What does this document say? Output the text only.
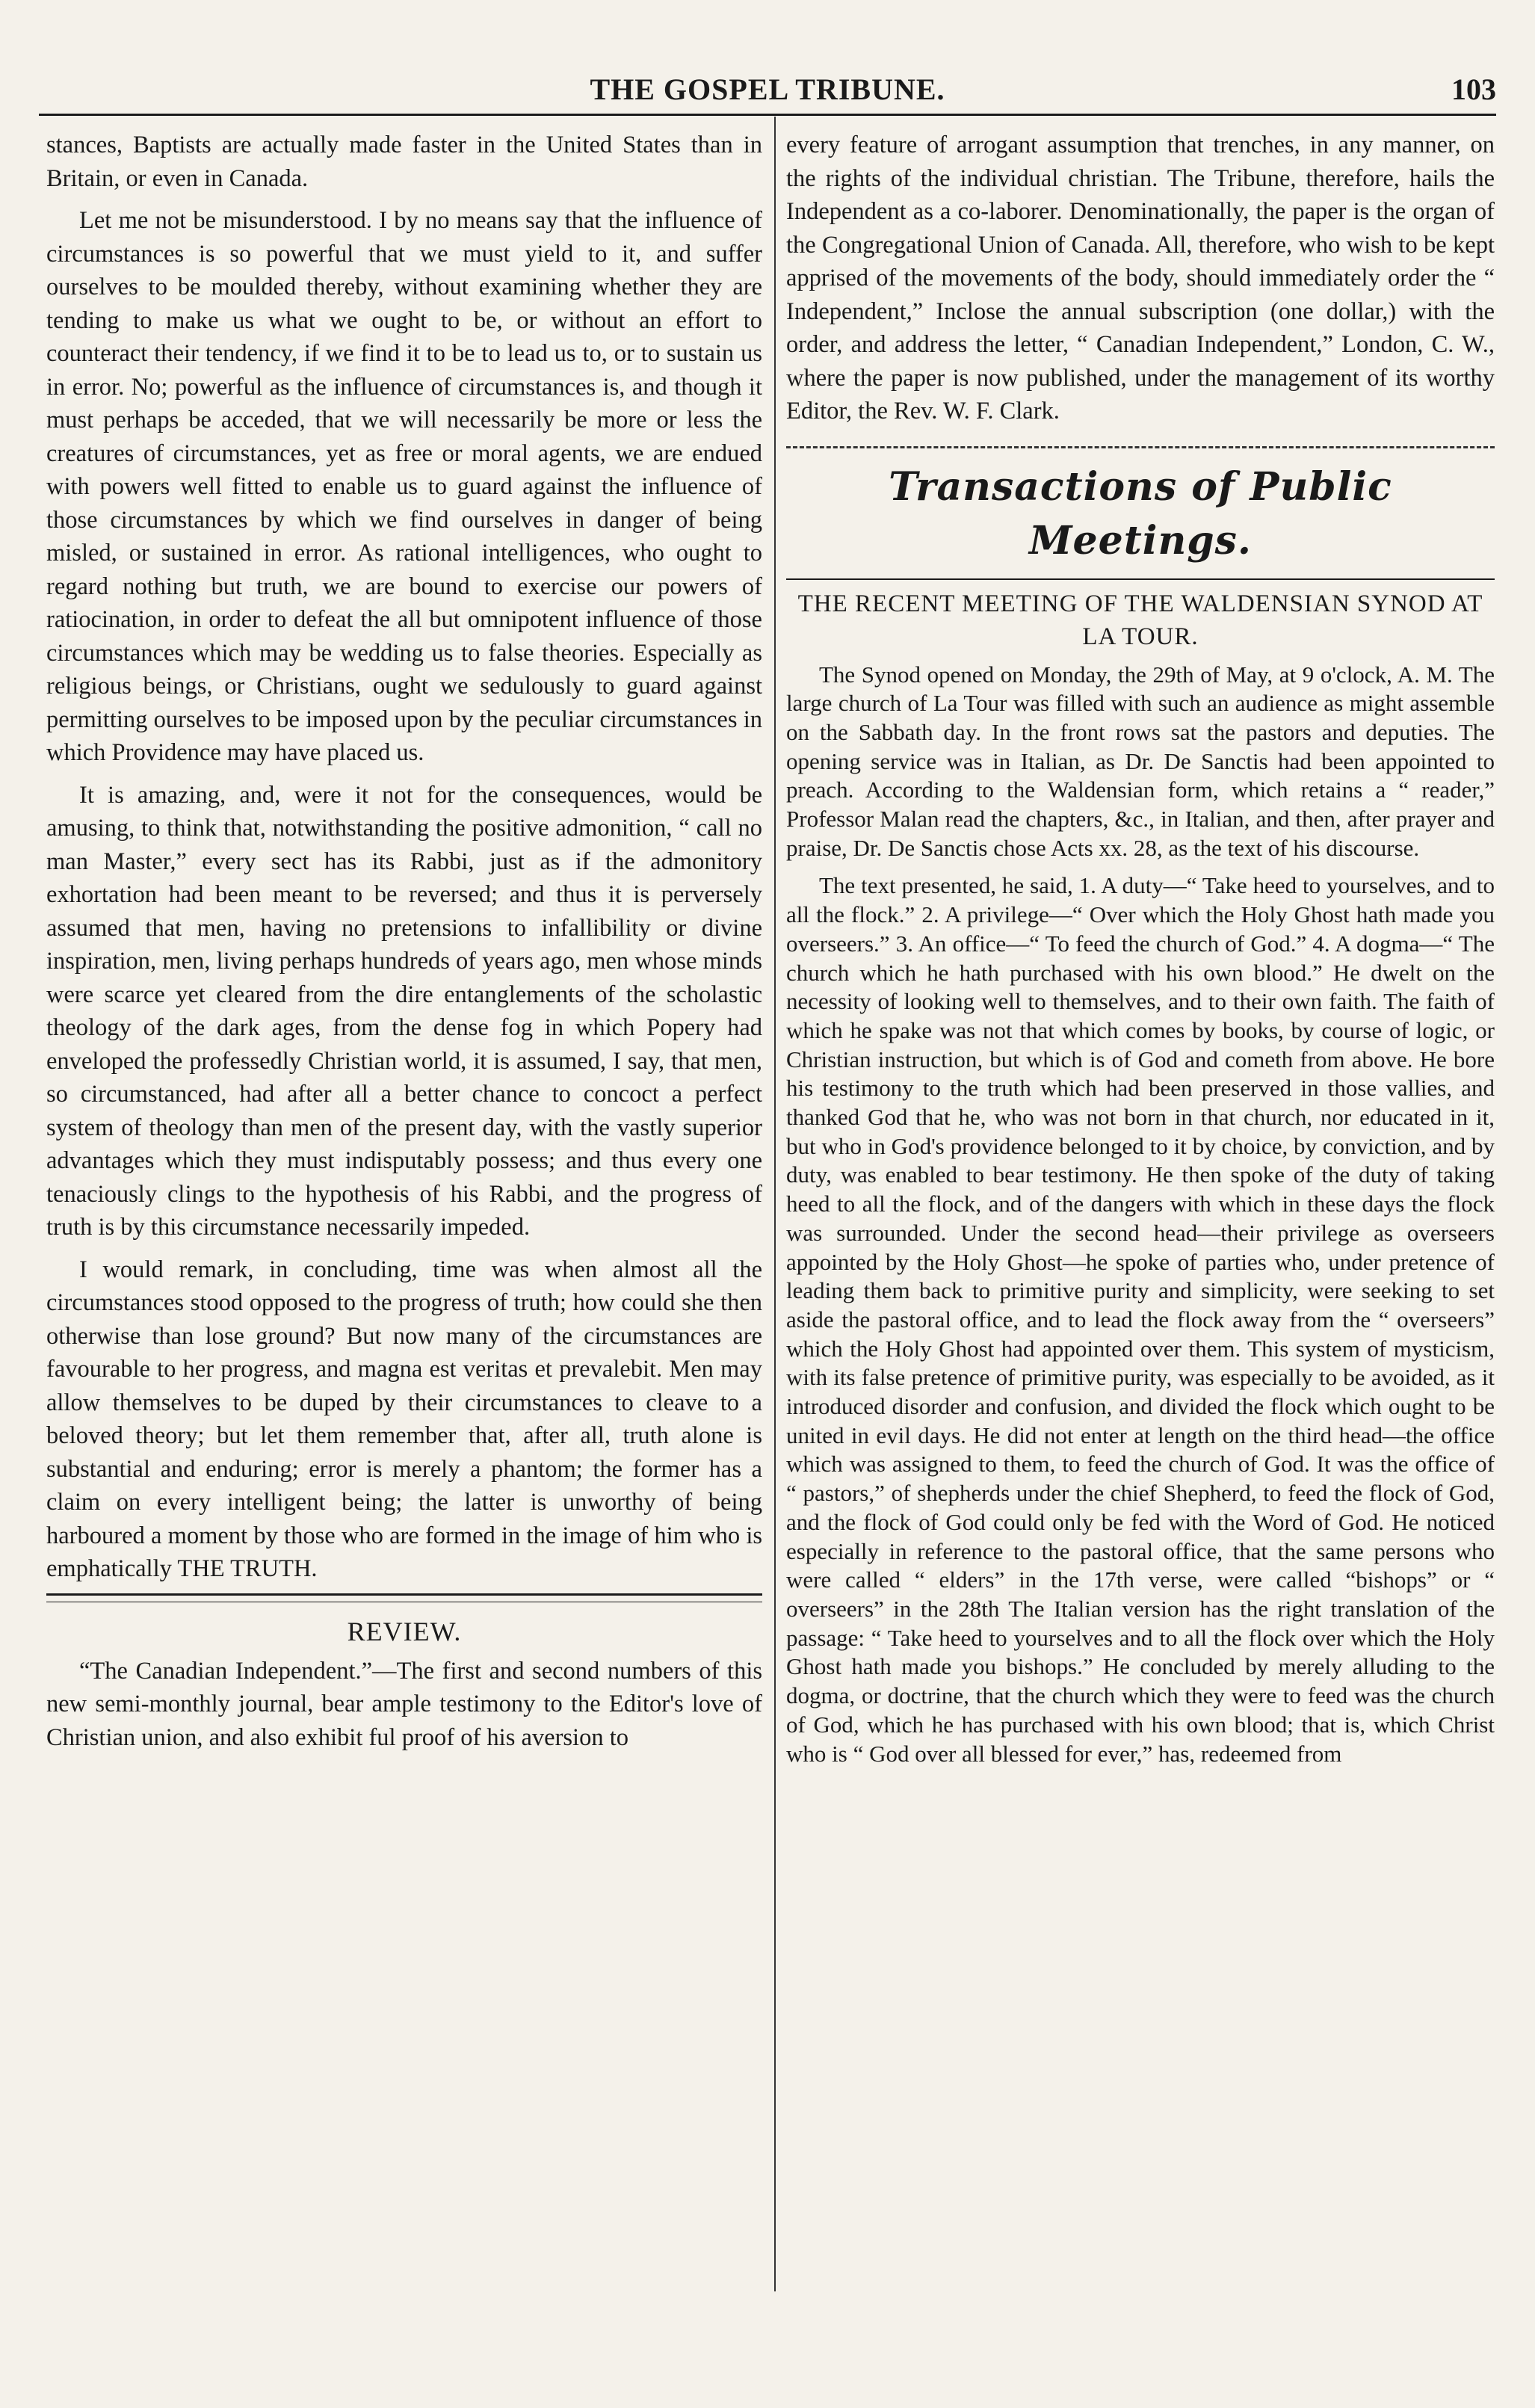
THE GOSPEL TRIBUNE.	103

stances, Baptists are actually made faster in the United States than in Britain, or even in Canada.

Let me not be misunderstood. I by no means say that the influence of circumstances is so powerful that we must yield to it, and suffer ourselves to be moulded thereby, without examining whether they are tending to make us what we ought to be, or without an effort to counteract their tendency, if we find it to be to lead us to, or to sustain us in error. No; powerful as the influence of circumstances is, and though it must perhaps be acceded, that we will necessarily be more or less the creatures of circumstances, yet as free or moral agents, we are endued with powers well fitted to enable us to guard against the influence of those circumstances by which we find ourselves in danger of being misled, or sustained in error. As rational intelligences, who ought to regard nothing but truth, we are bound to exercise our powers of ratiocination, in order to defeat the all but omnipotent influence of those circumstances which may be wedding us to false theories. Especially as religious beings, or Christians, ought we sedulously to guard against permitting ourselves to be imposed upon by the peculiar circumstances in which Providence may have placed us.

It is amazing, and, were it not for the consequences, would be amusing, to think that, notwithstanding the positive admonition, “ call no man Master,” every sect has its Rabbi, just as if the admonitory exhortation had been meant to be reversed; and thus it is perversely assumed that men, having no pretensions to infallibility or divine inspiration, men, living perhaps hundreds of years ago, men whose minds were scarce yet cleared from the dire entanglements of the scholastic theology of the dark ages, from the dense fog in which Popery had enveloped the professedly Christian world, it is assumed, I say, that men, so circumstanced, had after all a better chance to concoct a perfect system of theology than men of the present day, with the vastly superior advantages which they must indisputably possess; and thus every one tenaciously clings to the hypothesis of his Rabbi, and the progress of truth is by this circumstance necessarily impeded.

I would remark, in concluding, time was when almost all the circumstances stood opposed to the progress of truth; how could she then otherwise than lose ground? But now many of the circumstances are favourable to her progress, and magna est veritas et prevalebit. Men may allow themselves to be duped by their circumstances to cleave to a beloved theory; but let them remember that, after all, truth alone is substantial and enduring; error is merely a phantom; the former has a claim on every intelligent being; the latter is unworthy of being harboured a moment by those who are formed in the image of him who is emphatically THE TRUTH.

REVIEW.

“The Canadian Independent.”—The first and second numbers of this new semi-monthly journal, bear ample testimony to the Editor's love of Christian union, and also exhibit ful proof of his aversion to

every feature of arrogant assumption that trenches, in any manner, on the rights of the individual christian. The Tribune, therefore, hails the Independent as a co-laborer. Denominationally, the paper is the organ of the Congregational Union of Canada. All, therefore, who wish to be kept apprised of the movements of the body, should immediately order the “ Independent,” Inclose the annual subscription (one dollar,) with the order, and address the letter, “ Canadian Independent,” London, C. W., where the paper is now published, under the management of its worthy Editor, the Rev. W. F. Clark.

Transactions of Public Meetings.
THE RECENT MEETING OF THE WALDENSIAN SYNOD AT LA TOUR.

The Synod opened on Monday, the 29th of May, at 9 o'clock, A. M. The large church of La Tour was filled with such an audience as might assemble on the Sabbath day. In the front rows sat the pastors and deputies. The opening service was in Italian, as Dr. De Sanctis had been appointed to preach. According to the Waldensian form, which retains a “ reader,” Professor Malan read the chapters, &c., in Italian, and then, after prayer and praise, Dr. De Sanctis chose Acts xx. 28, as the text of his discourse.

The text presented, he said, 1. A duty—“ Take heed to yourselves, and to all the flock.” 2. A privilege—“ Over which the Holy Ghost hath made you overseers.” 3. An office—“ To feed the church of God.” 4. A dogma—“ The church which he hath purchased with his own blood.” He dwelt on the necessity of looking well to themselves, and to their own faith. The faith of which he spake was not that which comes by books, by course of logic, or Christian instruction, but which is of God and cometh from above. He bore his testimony to the truth which had been preserved in those vallies, and thanked God that he, who was not born in that church, nor educated in it, but who in God's providence belonged to it by choice, by conviction, and by duty, was enabled to bear testimony. He then spoke of the duty of taking heed to all the flock, and of the dangers with which in these days the flock was surrounded. Under the second head—their privilege as overseers appointed by the Holy Ghost—he spoke of parties who, under pretence of leading them back to primitive purity and simplicity, were seeking to set aside the pastoral office, and to lead the flock away from the “ overseers” which the Holy Ghost had appointed over them. This system of mysticism, with its false pretence of primitive purity, was especially to be avoided, as it introduced disorder and confusion, and divided the flock which ought to be united in evil days. He did not enter at length on the third head—the office which was assigned to them, to feed the church of God. It was the office of “ pastors,” of shepherds under the chief Shepherd, to feed the flock of God, and the flock of God could only be fed with the Word of God. He noticed especially in reference to the pastoral office, that the same persons who were called “ elders” in the 17th verse, were called “bishops” or “ overseers” in the 28th The Italian version has the right translation of the passage: “ Take heed to yourselves and to all the flock over which the Holy Ghost hath made you bishops.” He concluded by merely alluding to the dogma, or doctrine, that the church which they were to feed was the church of God, which he has purchased with his own blood; that is, which Christ who is “ God over all blessed for ever,” has, redeemed from
